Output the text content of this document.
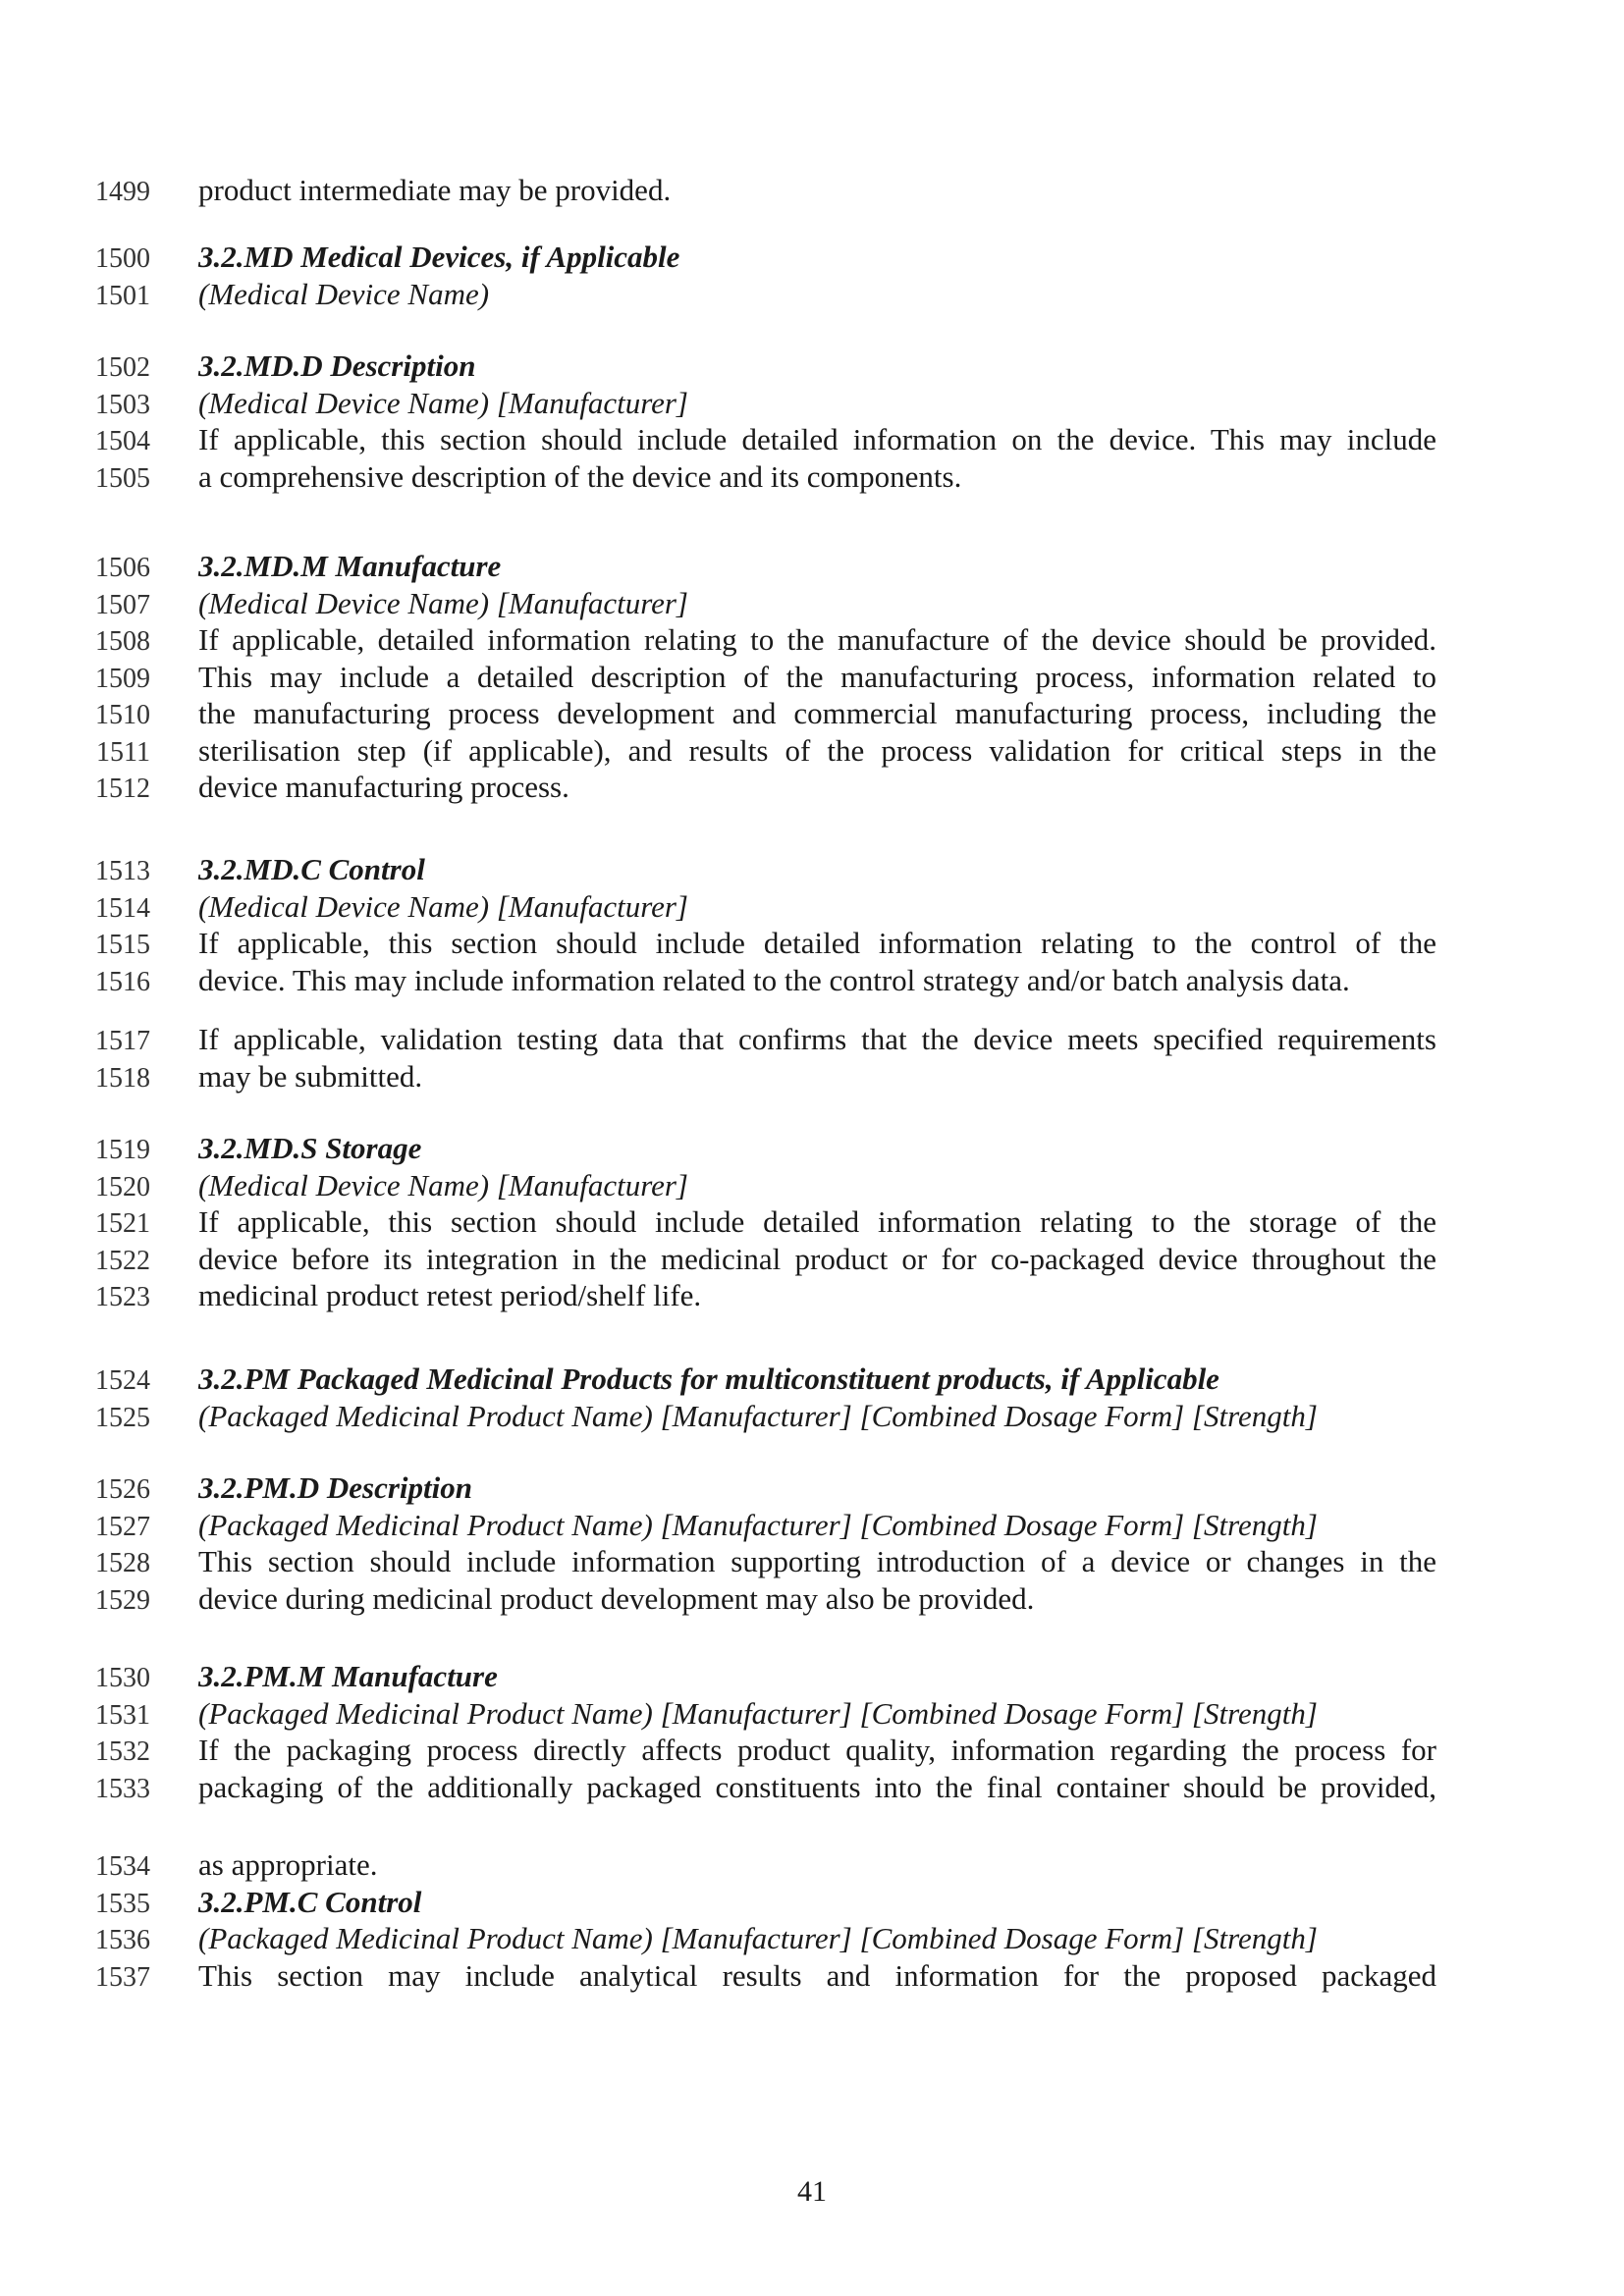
1499	product intermediate may be provided.
1500	3.2.MD Medical Devices, if Applicable
1501	(Medical Device Name)
1502	3.2.MD.D Description
1503	(Medical Device Name) [Manufacturer]
1504	If applicable, this section should include detailed information on the device. This may include
1505	a comprehensive description of the device and its components.
1506	3.2.MD.M Manufacture
1507	(Medical Device Name) [Manufacturer]
1508	If applicable, detailed information relating to the manufacture of the device should be provided.
1509	This may include a detailed description of the manufacturing process, information related to
1510	the manufacturing process development and commercial manufacturing process, including the
1511	sterilisation step (if applicable), and results of the process validation for critical steps in the
1512	device manufacturing process.
1513	3.2.MD.C Control
1514	(Medical Device Name) [Manufacturer]
1515	If applicable, this section should include detailed information relating to the control of the
1516	device. This may include information related to the control strategy and/or batch analysis data.
1517	If applicable, validation testing data that confirms that the device meets specified requirements
1518	may be submitted.
1519	3.2.MD.S Storage
1520	(Medical Device Name) [Manufacturer]
1521	If applicable, this section should include detailed information relating to the storage of the
1522	device before its integration in the medicinal product or for co-packaged device throughout the
1523	medicinal product retest period/shelf life.
1524	3.2.PM Packaged Medicinal Products for multiconstituent products, if Applicable
1525	(Packaged Medicinal Product Name) [Manufacturer] [Combined Dosage Form] [Strength]
1526	3.2.PM.D Description
1527	(Packaged Medicinal Product Name) [Manufacturer] [Combined Dosage Form] [Strength]
1528	This section should include information supporting introduction of a device or changes in the
1529	device during medicinal product development may also be provided.
1530	3.2.PM.M Manufacture
1531	(Packaged Medicinal Product Name) [Manufacturer] [Combined Dosage Form] [Strength]
1532	If the packaging process directly affects product quality, information regarding the process for
1533	packaging of the additionally packaged constituents into the final container should be provided,
1534	as appropriate.
1535	3.2.PM.C Control
1536	(Packaged Medicinal Product Name) [Manufacturer] [Combined Dosage Form] [Strength]
1537	This section may include analytical results and information for the proposed packaged
41
